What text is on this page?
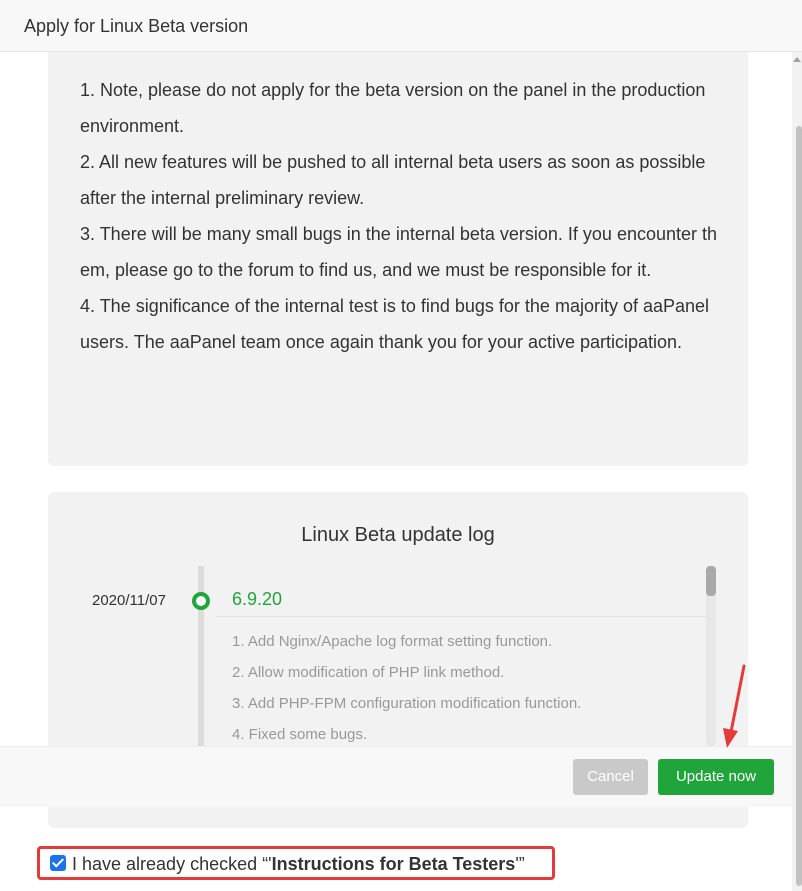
Apply for Linux Beta version

1. Note, please do not apply for the beta version on the panel in the production environment.

2. All new features will be pushed to all internal beta users as soon as possible after the internal preliminary review.

3. There will be many small bugs in the internal beta version. If you encounter them, please go to the forum to find us, and we must be responsible for it.

4. The significance of the internal test is to find bugs for the majority of aaPanel users. The aaPanel team once again thank you for your active participation.

Linux Beta update log
2020/11/07	6.9.20
1. Add Nginx/Apache log format setting function.
2. Allow modification of PHP link method.
3. Add PHP-FPM configuration modification function.
4. Fixed some bugs.
Cancel	Update now
I have already checked “'Instructions for Beta Testers'”
